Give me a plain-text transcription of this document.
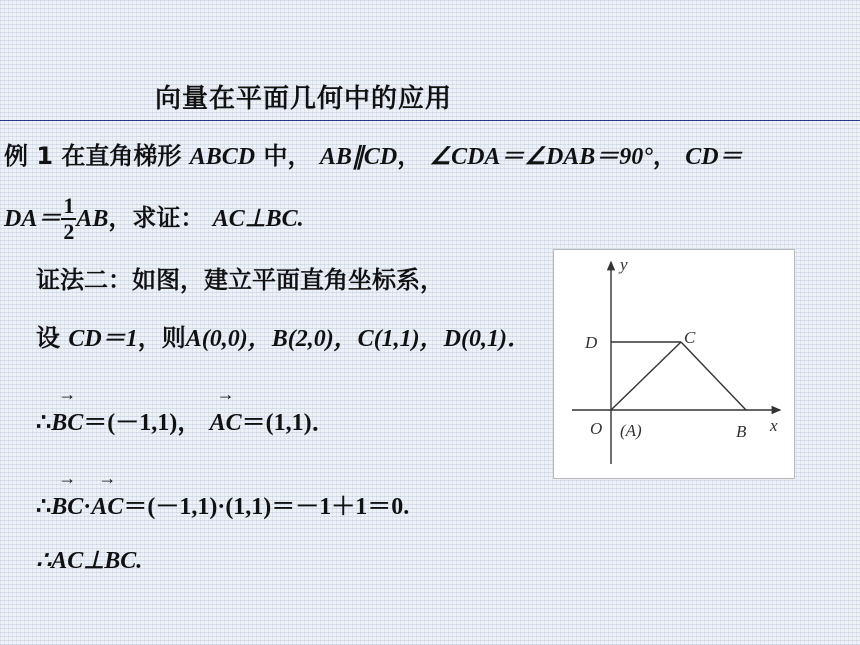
向量在平面几何中的应用
例 1 在直角梯形 ABCD 中， AB∥CD， ∠CDA＝∠DAB＝90°， CD＝
$DA= \frac{1}{2}$ AB，求证： AC⊥BC.
证法二：如图，建立平面直角坐标系，
设 CD＝1，则A(0,0)，B(2,0)，C(1,1)，D(0,1)．
∴→ BC＝(－1,1)， → AC＝(1,1)．
∴→ BC·→ AC＝(－1,1)·(1,1)＝－1＋1＝0.
∴AC⊥BC.
y
x
D	C
O (A)	B
